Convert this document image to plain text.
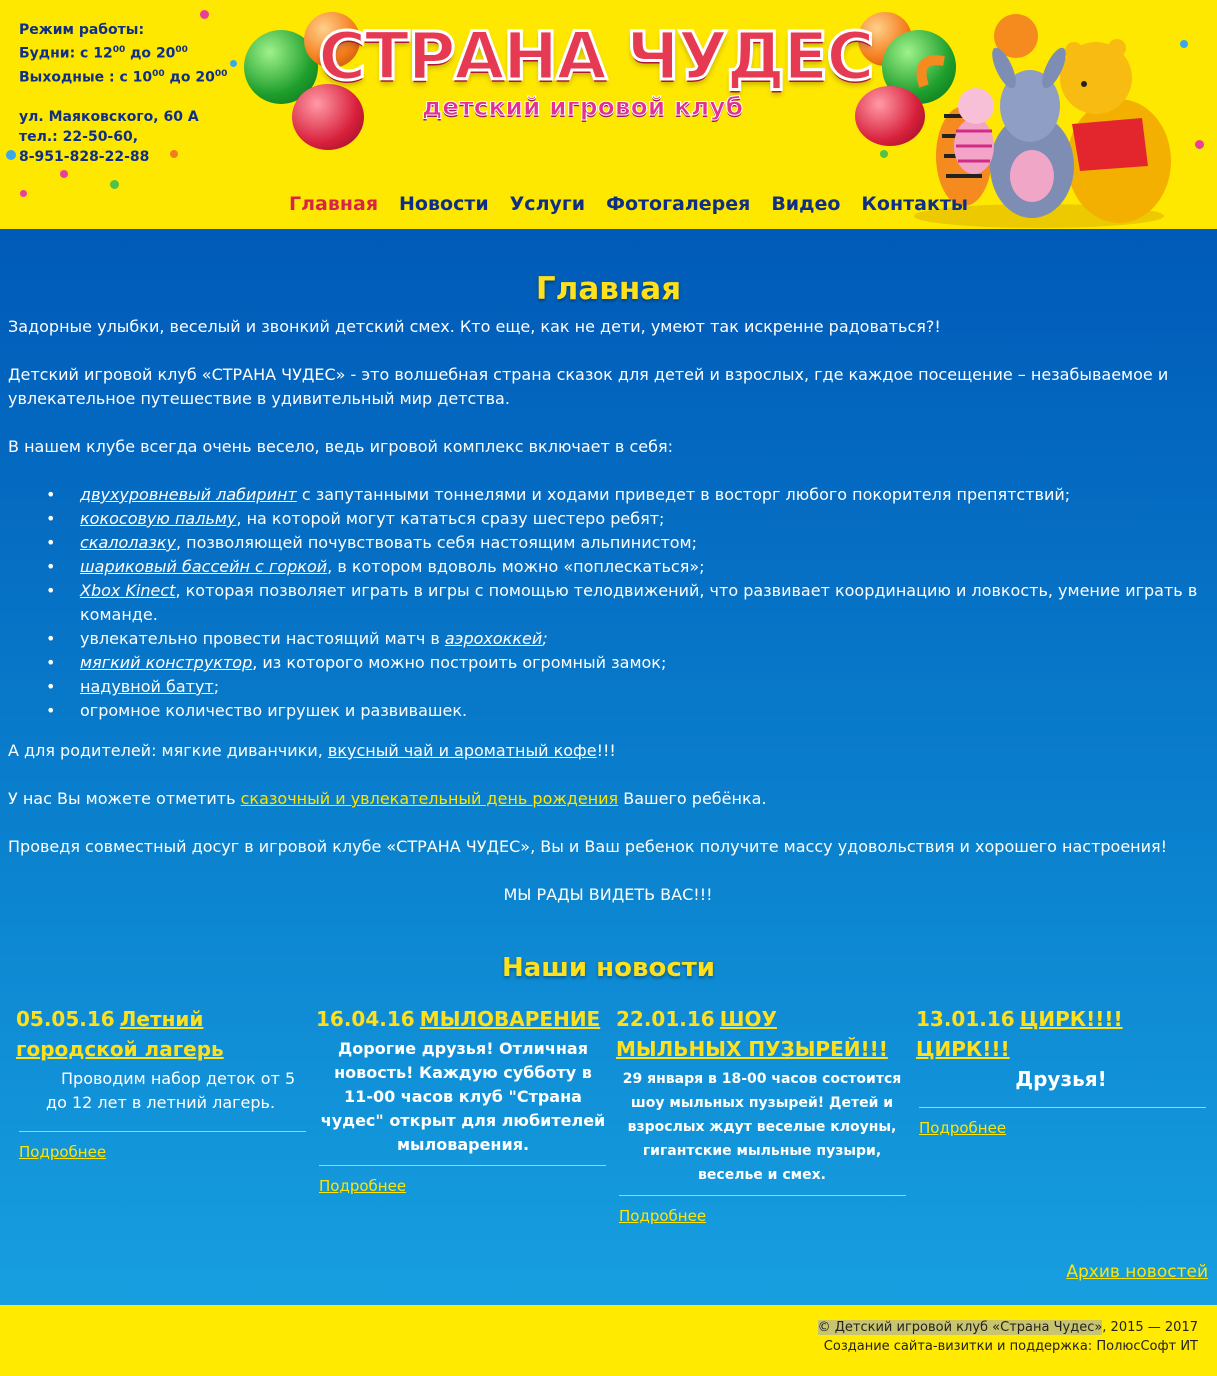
Режим работы:
Будни: с $12^{00}$ до $20^{00}$
Выходные : с $10^{00}$ до $20^{00}$
ул. Маяковского, 60 А
тел.: 22-50-60,
8-951-828-22-88
СТРАНА ЧУДЕС
детский игровой клуб
Главная Новости Услуги Фотогалерея Видео Контакты
Главная

Задорные улыбки, веселый и звонкий детский смех. Кто еще, как не дети, умеют так искренне радоваться?!

Детский игровой клуб «СТРАНА ЧУДЕС» - это волшебная страна сказок для детей и взрослых, где каждое посещение – незабываемое и увлекательное путешествие в удивительный мир детства.

В нашем клубе всегда очень весело, ведь игровой комплекс включает в себя:

• двухуровневый лабиринт с запутанными тоннелями и ходами приведет в восторг любого покорителя препятствий;
• кокосовую пальму, на которой могут кататься сразу шестеро ребят;
• скалолазку, позволяющей почувствовать себя настоящим альпинистом;
• шариковый бассейн с горкой, в котором вдоволь можно «поплескаться»;
• Xbox Kinect, которая позволяет играть в игры с помощью телодвижений, что развивает координацию и ловкость, умение играть в команде.
• увлекательно провести настоящий матч в аэрохоккей;
• мягкий конструктор, из которого можно построить огромный замок;
• надувной батут;
• огромное количество игрушек и развивашек.

А для родителей: мягкие диванчики, вкусный чай и ароматный кофе!!!

У нас Вы можете отметить сказочный и увлекательный день рождения Вашего ребёнка.

Проведя совместный досуг в игровой клубе «СТРАНА ЧУДЕС», Вы и Ваш ребенок получите массу удовольствия и хорошего настроения!

МЫ РАДЫ ВИДЕТЬ ВАС!!!

Наши новости
05.05.16 Летний городской лагерь
Проводим набор деток от 5 до 12 лет в летний лагерь.
Подробнее
16.04.16 МЫЛОВАРЕНИЕ
Дорогие друзья! Отличная новость! Каждую субботу в 11-00 часов клуб "Страна чудес" открыт для любителей мыловарения.
Подробнее
22.01.16 ШОУ МЫЛЬНЫХ ПУЗЫРЕЙ!!!
29 января в 18-00 часов состоится шоу мыльных пузырей! Детей и взрослых ждут веселые клоуны, гигантские мыльные пузыри, веселье и смех.
Подробнее
13.01.16 ЦИРК!!!! ЦИРК!!!
Друзья!
Подробнее
Архив новостей
© Детский игровой клуб «Страна Чудес», 2015 — 2017
Создание сайта-визитки и поддержка: ПолюсСофт ИТ
